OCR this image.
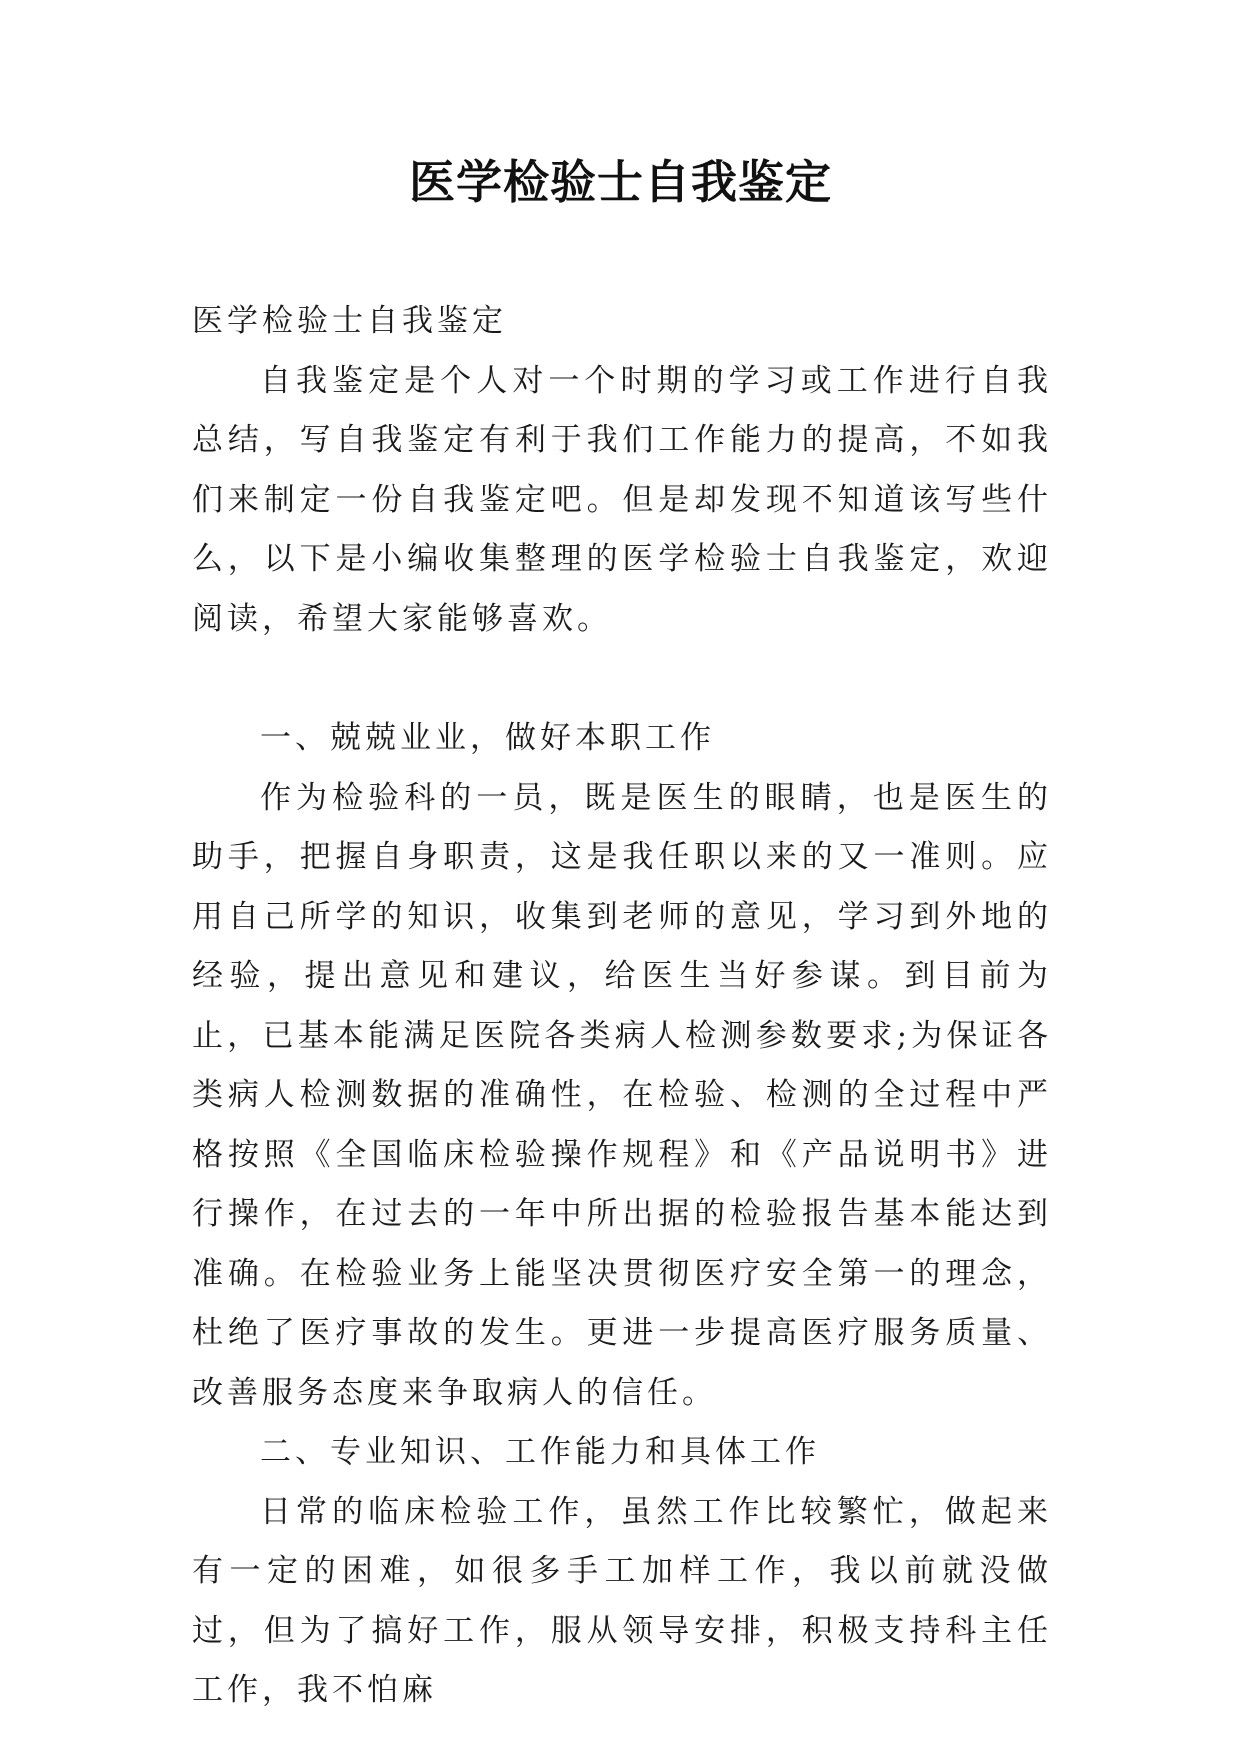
医学检验士自我鉴定

医学检验士自我鉴定

自我鉴定是个人对一个时期的学习或工作进行自我总结，写自我鉴定有利于我们工作能力的提高，不如我们来制定一份自我鉴定吧。但是却发现不知道该写些什么，以下是小编收集整理的医学检验士自我鉴定，欢迎阅读，希望大家能够喜欢。

一、兢兢业业，做好本职工作

作为检验科的一员，既是医生的眼睛，也是医生的助手，把握自身职责，这是我任职以来的又一准则。应用自己所学的知识，收集到老师的意见，学习到外地的经验，提出意见和建议，给医生当好参谋。到目前为止，已基本能满足医院各类病人检测参数要求;为保证各类病人检测数据的准确性，在检验、检测的全过程中严格按照《全国临床检验操作规程》和《产品说明书》进行操作，在过去的一年中所出据的检验报告基本能达到准确。在检验业务上能坚决贯彻医疗安全第一的理念，杜绝了医疗事故的发生。更进一步提高医疗服务质量、改善服务态度来争取病人的信任。

二、专业知识、工作能力和具体工作

日常的临床检验工作，虽然工作比较繁忙，做起来有一定的困难，如很多手工加样工作，我以前就没做过，但为了搞好工作，服从领导安排，积极支持科主任工作，我不怕麻
